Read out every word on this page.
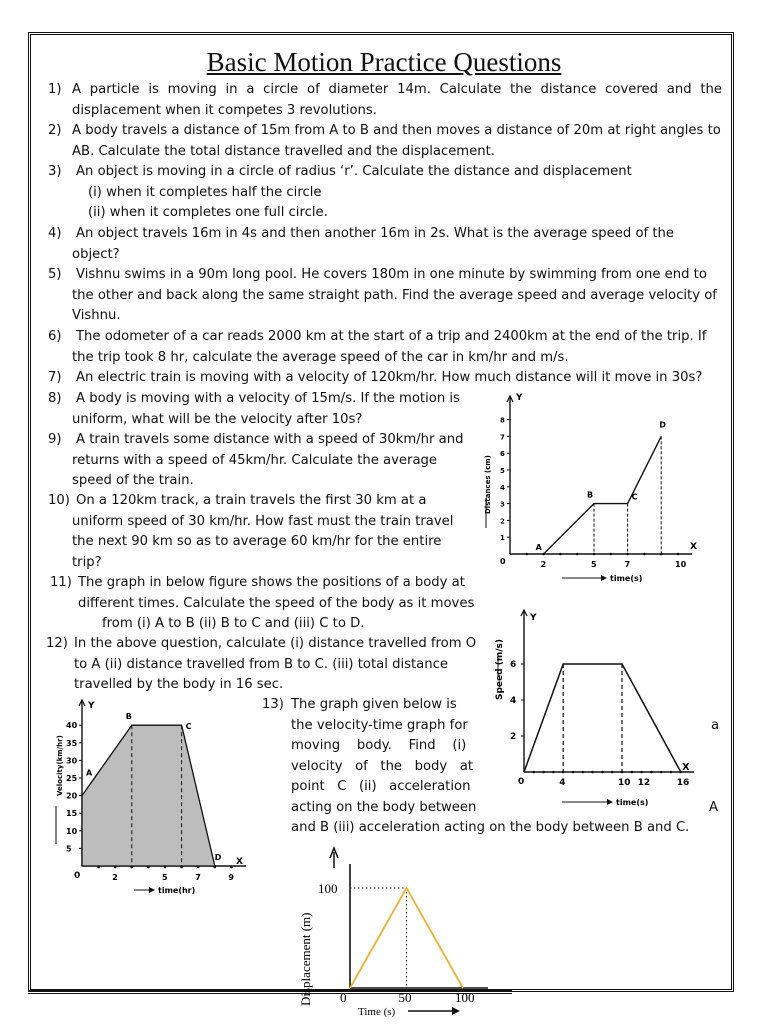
Basic Motion Practice Questions
1) A particle is moving in a circle of diameter 14m. Calculate the distance covered and the
displacement when it competes 3 revolutions.
2) A body travels a distance of 15m from A to B and then moves a distance of 20m at right angles to
AB. Calculate the total distance travelled and the displacement.
3) An object is moving in a circle of radius ‘r’. Calculate the distance and displacement
(i) when it completes half the circle
(ii) when it completes one full circle.
4) An object travels 16m in 4s and then another 16m in 2s. What is the average speed of the
object?
5) Vishnu swims in a 90m long pool. He covers 180m in one minute by swimming from one end to
the other and back along the same straight path. Find the average speed and average velocity of
Vishnu.
6) The odometer of a car reads 2000 km at the start of a trip and 2400km at the end of the trip. If
the trip took 8 hr, calculate the average speed of the car in km/hr and m/s.
7) An electric train is moving with a velocity of 120km/hr. How much distance will it move in 30s?
8) A body is moving with a velocity of 15m/s. If the motion is
uniform, what will be the velocity after 10s?
9) A train travels some distance with a speed of 30km/hr and
returns with a speed of 45km/hr. Calculate the average
speed of the train.
10) On a 120km track, a train travels the first 30 km at a
uniform speed of 30 km/hr. How fast must the train travel
the next 90 km so as to average 60 km/hr for the entire
trip?
11) The graph in below figure shows the positions of a body at
different times. Calculate the speed of the body as it moves
from (i) A to B (ii) B to C and (iii) C to D.
12) In the above question, calculate (i) distance travelled from O
to A (ii) distance travelled from B to C. (iii) total distance
travelled by the body in 16 sec.
13) The graph given below is
the velocity-time graph for
moving    body.    Find    (i)
velocity   of   the   body   at
point   C   (ii)   acceleration
acting on the body between
and B (iii) acceleration acting on the body between B and C.
a
A
Y
X
0
1
2
3
4
5
6
7
8
2	5	7	10
Distances (cm)
time(s)
A
B	C
D
Y
X
0
2
4
6
4	10 12	16
Speed (m/s)
time(s)
Y
X
0
5
10
15
20
25
30
35
40
2	5	7	9
Velocity(km/hr)
time(hr)
A
B
C
D
Displacement (m)
100
0	50	100
Time (s)
